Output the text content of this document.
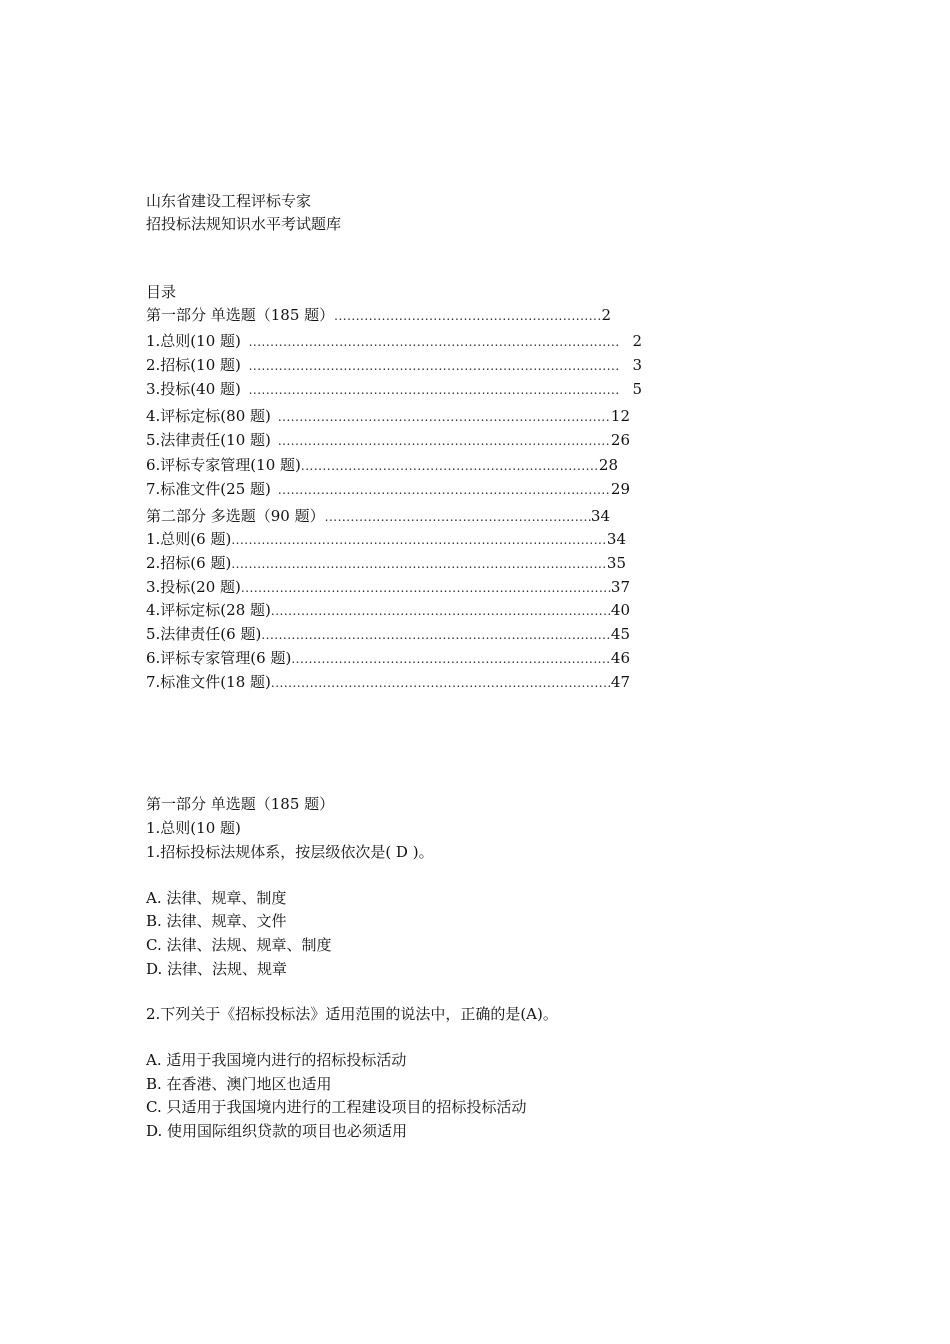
山东省建设工程评标专家
招投标法规知识水平考试题库
目录
第一部分 单选题（185 题） .....	2
1.总则(10 题) .....	2
2.招标(10 题) .....	3
3.投标(40 题) .....	5
4.评标定标(80 题) .....	12
5.法律责任(10 题) .....	26
6.评标专家管理(10 题) .....	28
7.标准文件(25 题) .....	29
第二部分 多选题（90 题） .....	34
1.总则(6 题) .....	34
2.招标(6 题) .....	35
3.投标(20 题) .....	37
4.评标定标(28 题) .....	40
5.法律责任(6 题) .....	45
6.评标专家管理(6 题) .....	46
7.标准文件(18 题) .....	47
第一部分 单选题（185 题）
1.总则(10 题)
1.招标投标法规体系，按层级依次是( D )。
A. 法律、规章、制度
B. 法律、规章、文件
C. 法律、法规、规章、制度
D. 法律、法规、规章
2.下列关于《招标投标法》适用范围的说法中，正确的是(A)。
A. 适用于我国境内进行的招标投标活动
B. 在香港、澳门地区也适用
C. 只适用于我国境内进行的工程建设项目的招标投标活动
D. 使用国际组织贷款的项目也必须适用
